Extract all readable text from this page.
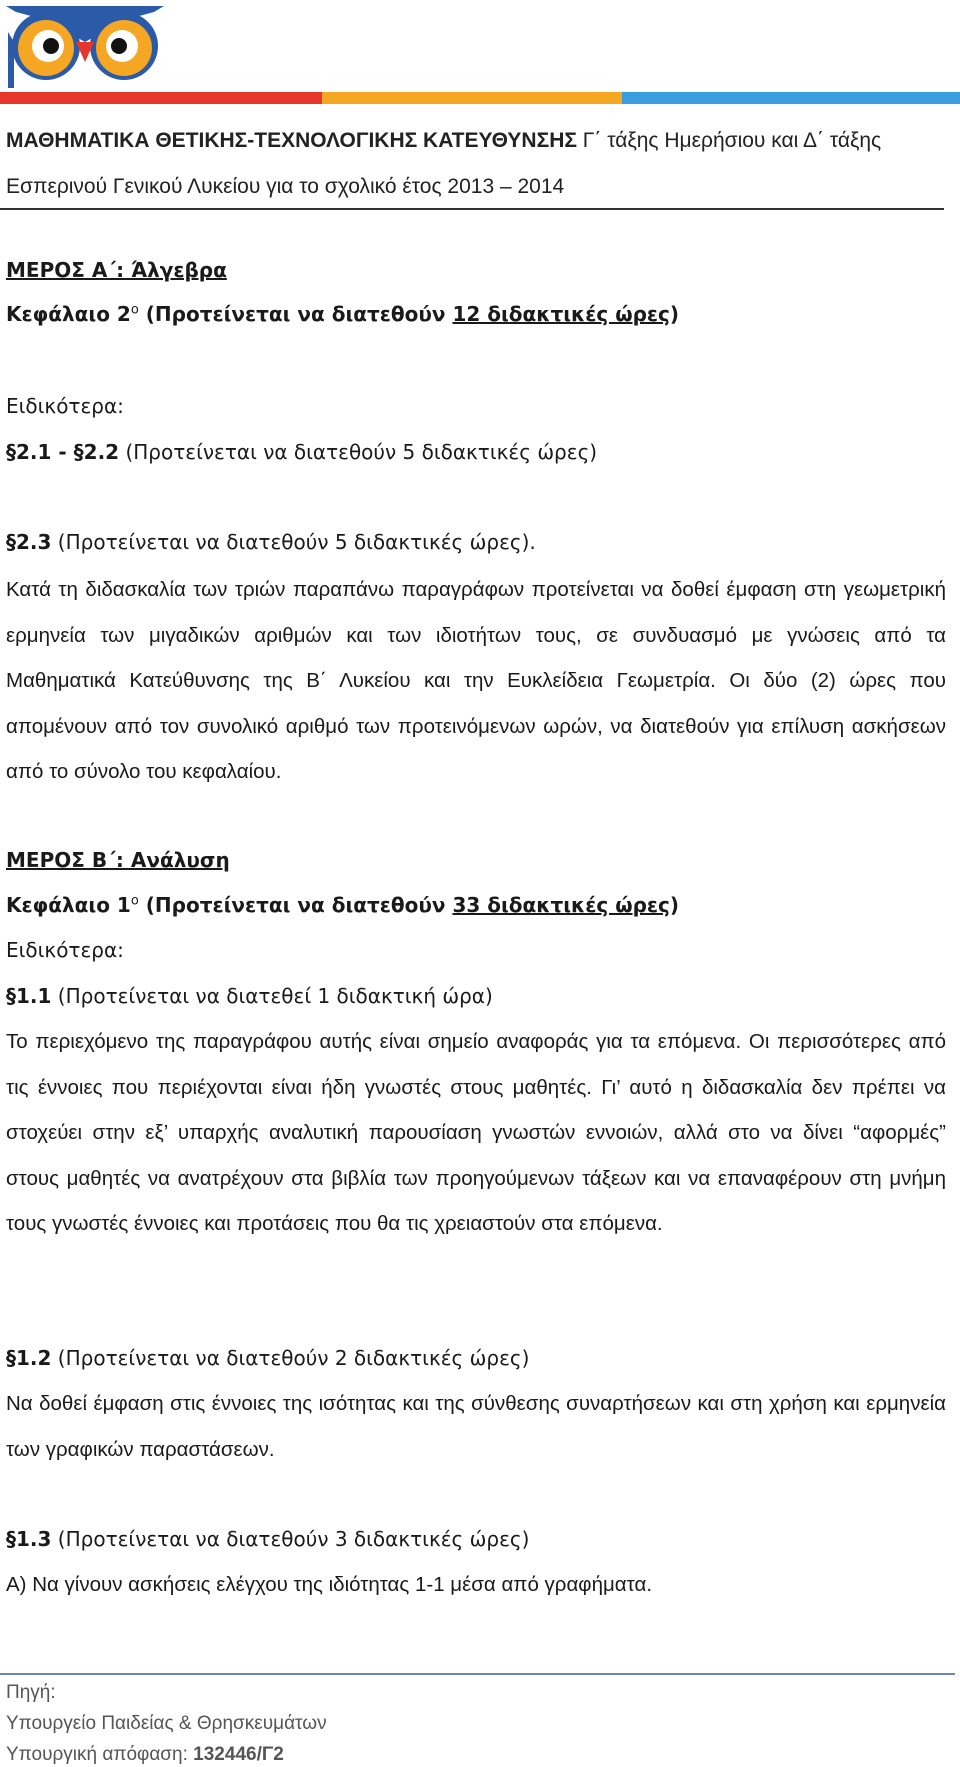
ΜΑΘΗΜΑΤΙΚΑ ΘΕΤΙΚΗΣ-ΤΕΧΝΟΛΟΓΙΚΗΣ ΚΑΤΕΥΘΥΝΣΗΣ Γ΄ τάξης Ημερήσιου και Δ΄ τάξης Εσπερινού Γενικού Λυκείου για το σχολικό έτος 2013 – 2014
ΜΕΡΟΣ Α΄: Άλγεβρα
Κεφάλαιο $2^o$ (Προτείνεται να διατεθούν 12 διδακτικές ώρες)
Ειδικότερα:
§2.1 - §2.2 (Προτείνεται να διατεθούν 5 διδακτικές ώρες)
§2.3 (Προτείνεται να διατεθούν 5 διδακτικές ώρες).
Κατά τη διδασκαλία των τριών παραπάνω παραγράφων προτείνεται να δοθεί έμφαση στη γεωμετρική ερμηνεία των μιγαδικών αριθμών και των ιδιοτήτων τους, σε συνδυασμό με γνώσεις από τα Μαθηματικά Κατεύθυνσης της Β΄ Λυκείου και την Ευκλείδεια Γεωμετρία. Οι δύο (2) ώρες που απομένουν από τον συνολικό αριθμό των προτεινόμενων ωρών, να διατεθούν για επίλυση ασκήσεων από το σύνολο του κεφαλαίου.
ΜΕΡΟΣ Β΄: Ανάλυση
Κεφάλαιο $1^o$ (Προτείνεται να διατεθούν 33 διδακτικές ώρες)
Ειδικότερα:
§1.1 (Προτείνεται να διατεθεί 1 διδακτική ώρα)
Το περιεχόμενο της παραγράφου αυτής είναι σημείο αναφοράς για τα επόμενα. Οι περισσότερες από τις έννοιες που περιέχονται είναι ήδη γνωστές στους μαθητές. Γι’ αυτό η διδασκαλία δεν πρέπει να στοχεύει στην εξ’ υπαρχής αναλυτική παρουσίαση γνωστών εννοιών, αλλά στο να δίνει “αφορμές” στους μαθητές να ανατρέχουν στα βιβλία των προηγούμενων τάξεων και να επαναφέρουν στη μνήμη τους γνωστές έννοιες και προτάσεις που θα τις χρειαστούν στα επόμενα.
§1.2 (Προτείνεται να διατεθούν 2 διδακτικές ώρες)
Να δοθεί έμφαση στις έννοιες της ισότητας και της σύνθεσης συναρτήσεων και στη χρήση και ερμηνεία των γραφικών παραστάσεων.
§1.3 (Προτείνεται να διατεθούν 3 διδακτικές ώρες)
Α) Να γίνουν ασκήσεις ελέγχου της ιδιότητας 1-1 μέσα από γραφήματα.
Πηγή:
Υπουργείο Παιδείας & Θρησκευμάτων
Υπουργική απόφαση: 132446/Γ2
